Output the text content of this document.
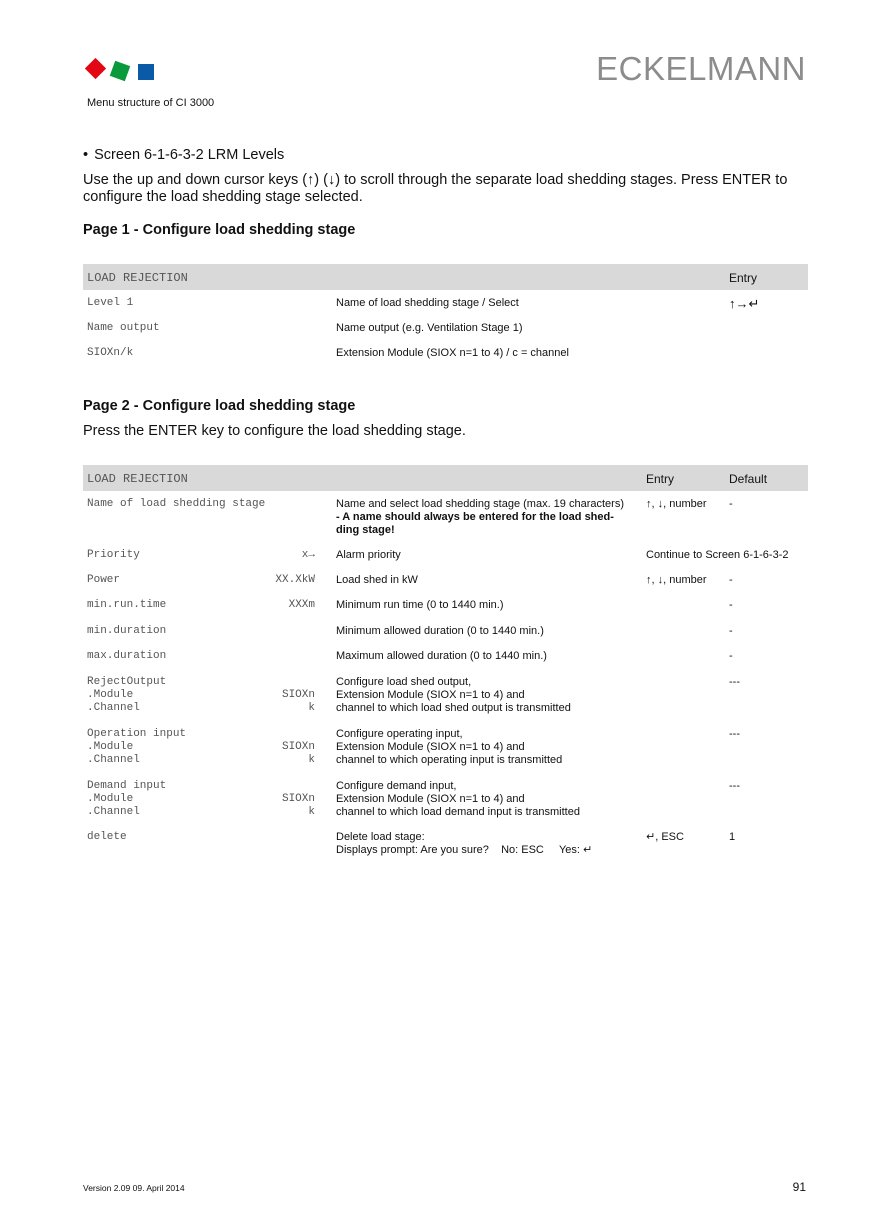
ECKELMANN
Menu structure of CI 3000
• Screen 6-1-6-3-2 LRM Levels
Use the up and down cursor keys (↑) (↓) to scroll through the separate load shedding stages. Press ENTER to configure the load shedding stage selected.
Page 1 - Configure load shedding stage
LOAD REJECTION	Entry
Level 1	Name of load shedding stage / Select	↑→↵
Name output	Name output (e.g. Ventilation Stage 1)
SIOXn/k	Extension Module (SIOX n=1 to 4) / c = channel
Page 2 - Configure load shedding stage
Press the ENTER key to configure the load shedding stage.
LOAD REJECTION	Entry	Default
Name of load shedding stage	Name and select load shedding stage (max. 19 characters)
- A name should always be entered for the load shed-
ding stage!
↑, ↓, number	-
Priority	x→ Alarm priority	Continue to Screen 6-1-6-3-2
Power	XX.XkW Load shed in kW	↑, ↓, number	-
min.run.time	XXXm Minimum run time (0 to 1440 min.)	-
min.duration	Minimum allowed duration (0 to 1440 min.)	-
max.duration	Maximum allowed duration (0 to 1440 min.)	-
RejectOutput
.Module
.Channel

SIOXn
k
Configure load shed output,
Extension Module (SIOX n=1 to 4) and
channel to which load shed output is transmitted
---
Operation input
.Module
.Channel

SIOXn
k
Configure operating input,
Extension Module (SIOX n=1 to 4) and
channel to which operating input is transmitted
---
Demand input
.Module
.Channel

SIOXn
k
Configure demand input,
Extension Module (SIOX n=1 to 4) and
channel to which load demand input is transmitted
---
delete	Delete load stage:
Displays prompt: Are you sure?    No: ESC     Yes: ↵
↵, ESC	1
Version 2.09 09. April 2014	91
